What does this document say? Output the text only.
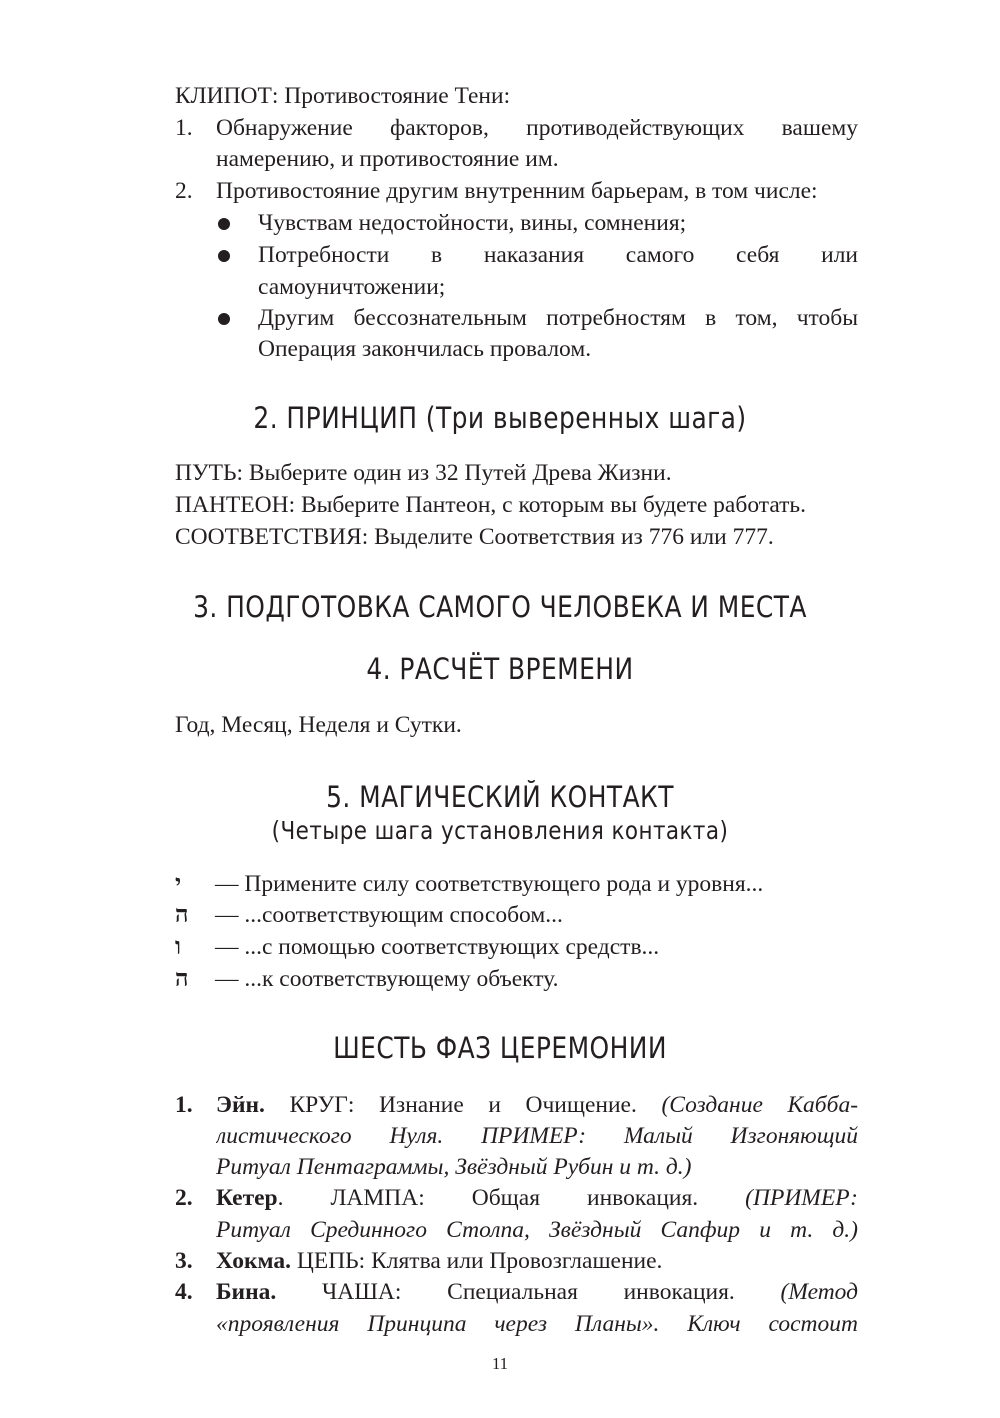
КЛИПОТ: Противостояние Тени:
1. Обнаружение факторов, противодействующих вашему
намерению, и противостояние им.
2. Противостояние другим внутренним барьерам, в том числе:
Чувствам недостойности, вины, сомнения;
Потребности в наказания самого себя или
самоуничтожении;
Другим бессознательным потребностям в том, чтобы
Операция закончилась провалом.
2. ПРИНЦИП (Три выверенных шага)
ПУТЬ: Выберите один из 32 Путей Древа Жизни.
ПАНТЕОН: Выберите Пантеон, с которым вы будете работать.
СООТВЕТСТВИЯ: Выделите Соответствия из 776 или 777.
3. ПОДГОТОВКА САМОГО ЧЕЛОВЕКА И МЕСТА
4. РАСЧЁТ ВРЕМЕНИ
Год, Месяц, Неделя и Сутки.
5. МАГИЧЕСКИЙ КОНТАКТ
(Четыре шага установления контакта)
י — Примените силу соответствующего рода и уровня...
ה — ...соответствующим способом...
ו — ...с помощью соответствующих средств...
ה — ...к соответствующему объекту.
ШЕСТЬ ФАЗ ЦЕРЕМОНИИ
1. Эйн. КРУГ: Изнание и Очищение. (Создание Кабба-
листического Нуля. ПРИМЕР: Малый Изгоняющий
Ритуал Пентаграммы, Звёздный Рубин и т. д.)
2. Кетер. ЛАМПА: Общая инвокация. (ПРИМЕР:
Ритуал Срединного Столпа, Звёздный Сапфир и т. д.)
3. Хокма. ЦЕПЬ: Клятва или Провозглашение.
4. Бина. ЧАША: Специальная инвокация. (Метод
«проявления Принципа через Планы». Ключ состоит
11
